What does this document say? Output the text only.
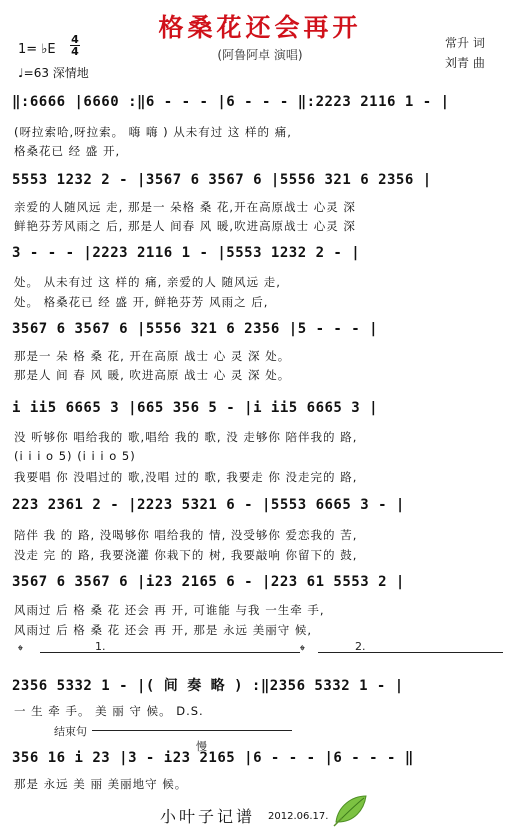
格桑花还会再开
(阿鲁阿卓 演唱)
常升 词
刘青 曲
1= ♭E
4
4
♩=63 深情地
‖:6666 |6660 :‖6 - - - |6 - - - ‖:2223 2116 1 - |
(呀拉索哈,呀拉索。 嗨 嗨 ) 从未有过 这 样的 痛,
格桑花已 经 盛 开,
5553 1232 2 - |3567 6 3567 6 |5556 321 6 2356 |
亲爱的人随风远 走, 那是一 朵格 桑 花,开在高原战士 心灵 深
鲜艳芬芳风雨之 后, 那是人 间春 风 暖,吹进高原战士 心灵 深
3 - - - |2223 2116 1 - |5553 1232 2 - |
处。 从未有过 这 样的 痛, 亲爱的人 随风远 走,
处。 格桑花已 经 盛 开, 鲜艳芬芳 风雨之 后,
3567 6 3567 6 |5556 321 6 2356 |5 - - - |
那是一 朵 格 桑 花, 开在高原 战士 心 灵 深 处。
那是人 间 春 风 暖, 吹进高原 战士 心 灵 深 处。
i ii5 6665 3 |665 356 5 - |i ii5 6665 3 |
没 听够你 唱给我的 歌,唱给 我的 歌, 没 走够你 陪伴我的 路,
(i i i o 5) (i i i o 5)
我要唱 你 没唱过的 歌,没唱 过的 歌, 我要走 你 没走完的 路,
223 2361 2 - |2223 5321 6 - |5553 6665 3 - |
陪伴 我 的 路, 没喝够你 唱给我的 情, 没受够你 爱恋我的 苦,
没走 完 的 路, 我要浇灌 你栽下的 树, 我要敲响 你留下的 鼓,
3567 6 3567 6 |i23 2165 6 - |223 61 5553 2 |
风雨过 后 格 桑 花 还会 再 开, 可谁能 与我 一生牵 手,
风雨过 后 格 桑 花 还会 再 开, 那是 永远 美丽守 候,
𝄌	1.	𝄌	2.
2356 5332 1 - |( 间 奏 略 ) :‖2356 5332 1 - |
一 生 牵 手。 美 丽 守 候。 D.S.
结束句
慢
356 16 i 23 |3 - i23 2165 |6 - - - |6 - - - ‖
那是 永远 美 丽 美丽地守 候。
小叶子记谱 2012.06.17.
